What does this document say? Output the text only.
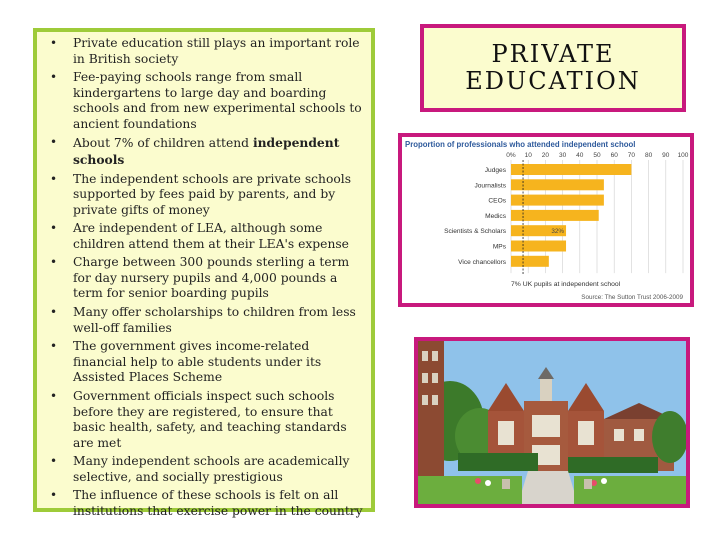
• Private education still plays an important role in British society
• Fee-paying schools range from small kindergartens to large day and boarding schools and from new experimental schools to ancient foundations
• About 7% of children attend independent schools
• The independent schools are private schools supported by fees paid by parents, and by private gifts of money
• Are independent of LEA, although some children attend them at their LEA's expense
• Charge between 300 pounds sterling a term for day nursery pupils and 4,000 pounds a term for senior boarding pupils
• Many offer scholarships to children from less well-off families
• The government gives income-related financial help to able students under its Assisted Places Scheme
• Government officials inspect such schools before they are registered, to ensure that basic health, safety, and teaching standards are met
• Many independent schools are academically selective, and socially prestigious
• The influence of these schools is felt on all institutions that exercise power in the country
PRIVATE
EDUCATION
Proportion of professionals who attended independent school
0% 10 20 30 40 50 60 70 80 90 100
Judges
Journalists
CEOs
Medics
Scientists & Scholars	32%
MPs
Vice chancellors
7% UK pupils at independent school
Source: The Sutton Trust 2006-2009
